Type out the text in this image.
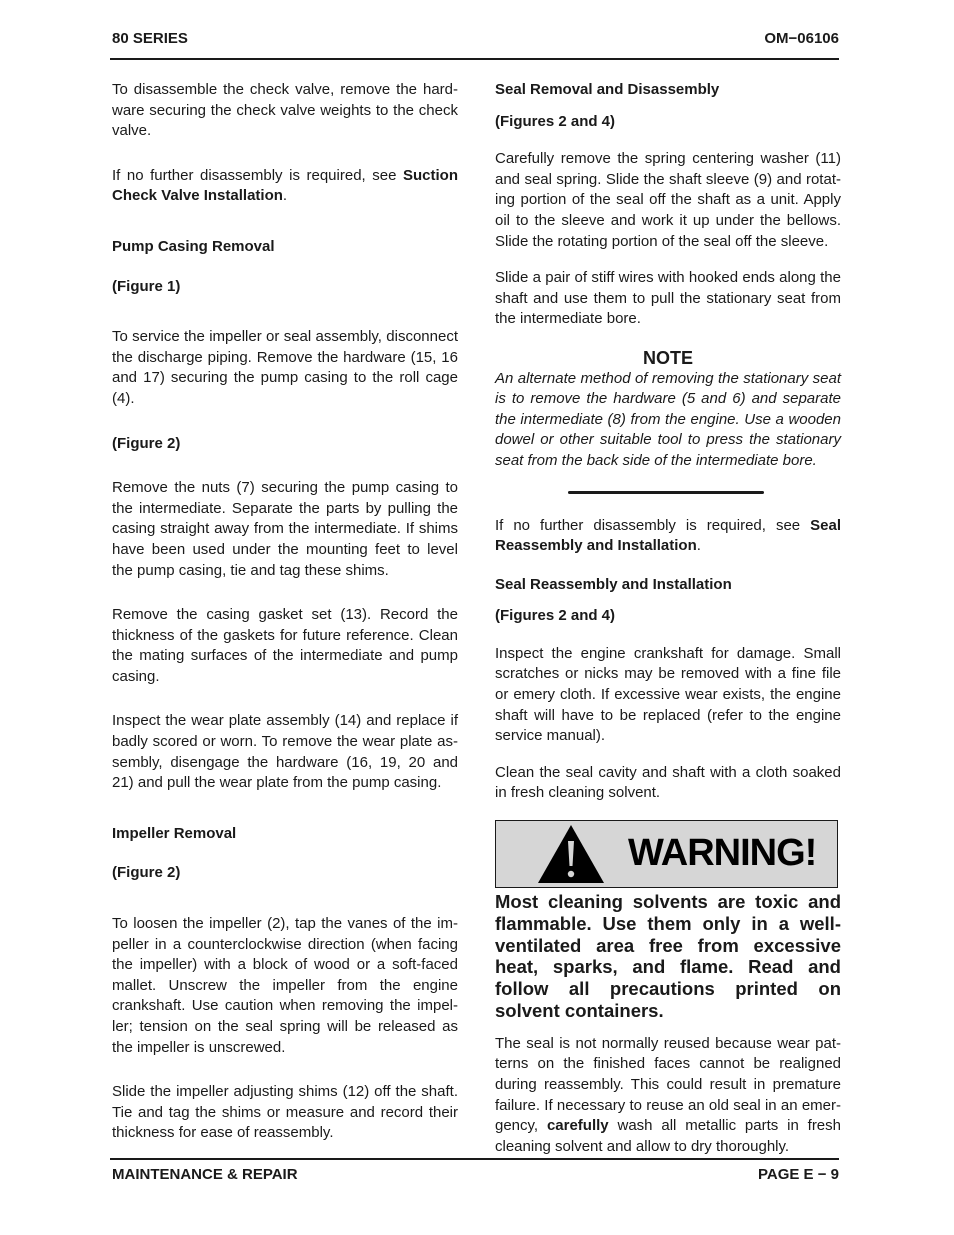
80 SERIES	OM−06106

To disassemble the check valve, remove the hardware securing the check valve weights to the check valve.

If no further disassembly is required, see Suction Check Valve Installation.

Pump Casing Removal

(Figure 1)

To service the impeller or seal assembly, disconnect the discharge piping. Remove the hardware (15, 16 and 17) securing the pump casing to the roll cage (4).

(Figure 2)

Remove the nuts (7) securing the pump casing to the intermediate. Separate the parts by pulling the casing straight away from the intermediate. If shims have been used under the mounting feet to level the pump casing, tie and tag these shims.

Remove the casing gasket set (13). Record the thickness of the gaskets for future reference. Clean the mating surfaces of the intermediate and pump casing.

Inspect the wear plate assembly (14) and replace if badly scored or worn. To remove the wear plate assembly, disengage the hardware (16, 19, 20 and 21) and pull the wear plate from the pump casing.

Impeller Removal

(Figure 2)

To loosen the impeller (2), tap the vanes of the impeller in a counterclockwise direction (when facing the impeller) with a block of wood or a soft-faced mallet. Unscrew the impeller from the engine crankshaft. Use caution when removing the impeller; tension on the seal spring will be released as the impeller is unscrewed.

Slide the impeller adjusting shims (12) off the shaft. Tie and tag the shims or measure and record their thickness for ease of reassembly.

Seal Removal and Disassembly

(Figures 2 and 4)

Carefully remove the spring centering washer (11) and seal spring. Slide the shaft sleeve (9) and rotating portion of the seal off the shaft as a unit. Apply oil to the sleeve and work it up under the bellows. Slide the rotating portion of the seal off the sleeve.

Slide a pair of stiff wires with hooked ends along the shaft and use them to pull the stationary seat from the intermediate bore.

NOTE

An alternate method of removing the stationary seat is to remove the hardware (5 and 6) and separate the intermediate (8) from the engine. Use a wooden dowel or other suitable tool to press the stationary seat from the back side of the intermediate bore.

If no further disassembly is required, see Seal Reassembly and Installation.

Seal Reassembly and Installation

(Figures 2 and 4)

Inspect the engine crankshaft for damage. Small scratches or nicks may be removed with a fine file or emery cloth. If excessive wear exists, the engine shaft will have to be replaced (refer to the engine service manual).

Clean the seal cavity and shaft with a cloth soaked in fresh cleaning solvent.

WARNING!

Most cleaning solvents are toxic and flammable. Use them only in a well-ventilated area free from excessive heat, sparks, and flame. Read and follow all precautions printed on solvent containers.

The seal is not normally reused because wear patterns on the finished faces cannot be realigned during reassembly. This could result in premature failure. If necessary to reuse an old seal in an emergency, carefully wash all metallic parts in fresh cleaning solvent and allow to dry thoroughly.

MAINTENANCE & REPAIR	PAGE E − 9
